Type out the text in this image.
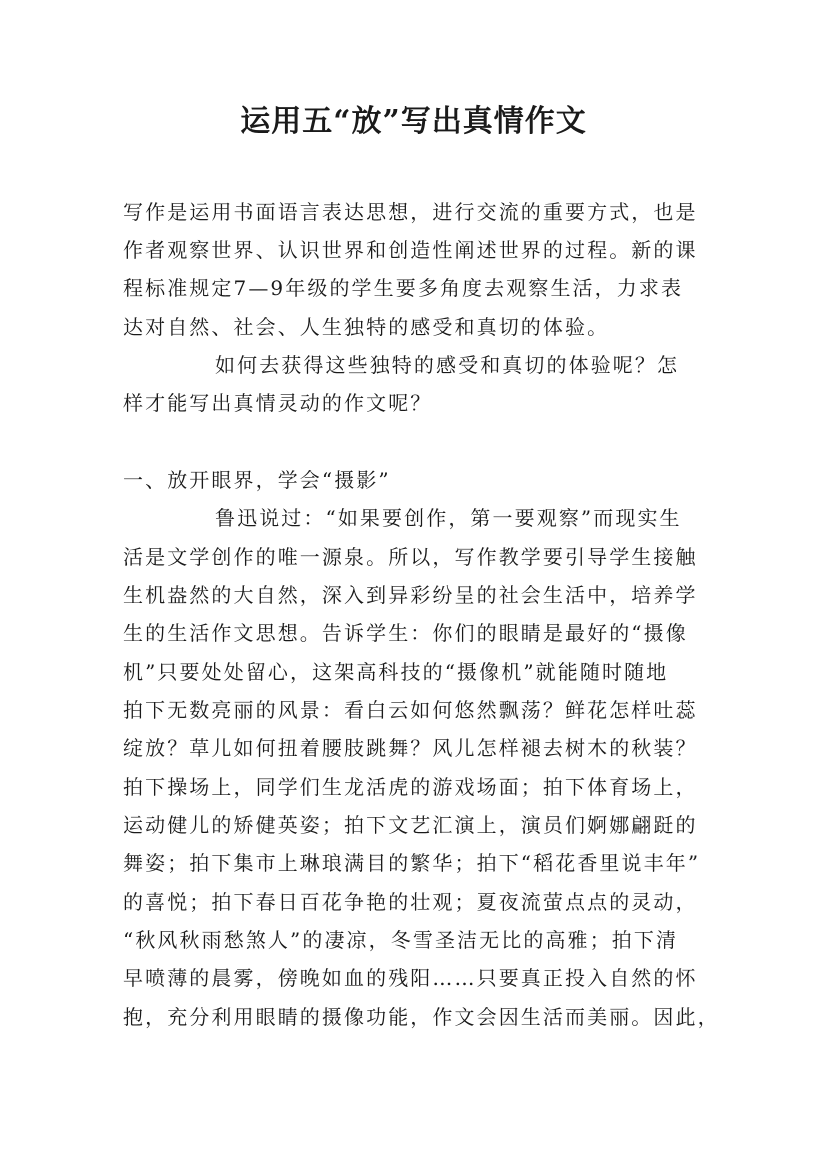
运用五“放”写出真情作文

写作是运用书面语言表达思想，进行交流的重要方式，也是

作者观察世界、认识世界和创造性阐述世界的过程。新的课

程标准规定7—9年级的学生要多角度去观察生活，力求表

达对自然、社会、人生独特的感受和真切的体验。

如何去获得这些独特的感受和真切的体验呢？怎

样才能写出真情灵动的作文呢？

一、放开眼界，学会“摄影”

鲁迅说过：“如果要创作，第一要观察”而现实生

活是文学创作的唯一源泉。所以，写作教学要引导学生接触

生机盎然的大自然，深入到异彩纷呈的社会生活中，培养学

生的生活作文思想。告诉学生：你们的眼睛是最好的“摄像

机”只要处处留心，这架高科技的“摄像机”就能随时随地

拍下无数亮丽的风景：看白云如何悠然飘荡？鲜花怎样吐蕊

绽放？草儿如何扭着腰肢跳舞？风儿怎样褪去树木的秋装？

拍下操场上，同学们生龙活虎的游戏场面；拍下体育场上，

运动健儿的矫健英姿；拍下文艺汇演上，演员们婀娜翩跹的

舞姿；拍下集市上琳琅满目的繁华；拍下“稻花香里说丰年”

的喜悦；拍下春日百花争艳的壮观；夏夜流萤点点的灵动，

“秋风秋雨愁煞人”的凄凉，冬雪圣洁无比的高雅；拍下清

早喷薄的晨雾，傍晚如血的残阳……只要真正投入自然的怀

抱，充分利用眼睛的摄像功能，作文会因生活而美丽。因此，
